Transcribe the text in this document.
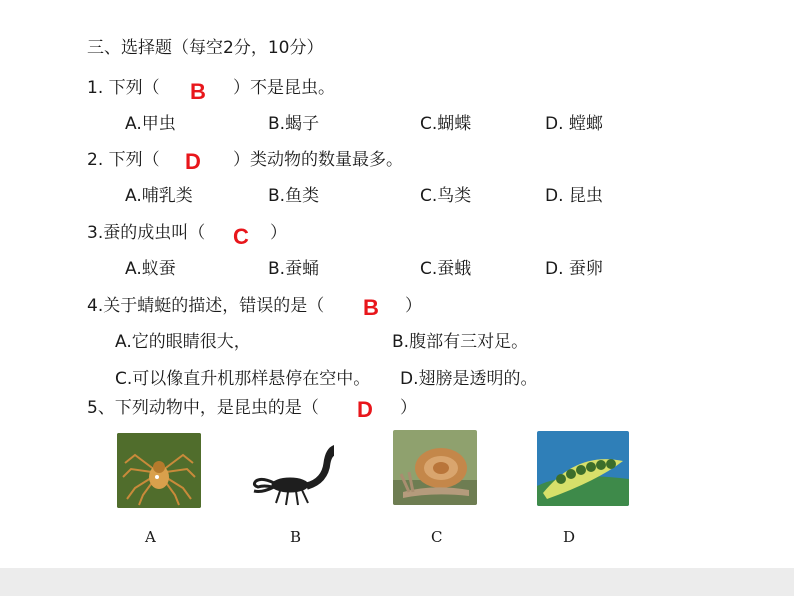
三、选择题（每空2分，10分）
1. 下列（ B ）不是昆虫。
A.甲虫	B.蝎子	C.蝴蝶	D. 螳螂
2. 下列（ D ）类动物的数量最多。
A.哺乳类	B.鱼类	C.鸟类	D. 昆虫
3.蚕的成虫叫（ C ）
A.蚁蚕	B.蚕蛹	C.蚕蛾	D. 蚕卵
4.关于蜻蜓的描述，错误的是（ B ）
A.它的眼睛很大，	B.腹部有三对足。
C.可以像直升机那样悬停在空中。 D.翅膀是透明的。
5、下列动物中，是昆虫的是（ D ）
A	B	C	D
